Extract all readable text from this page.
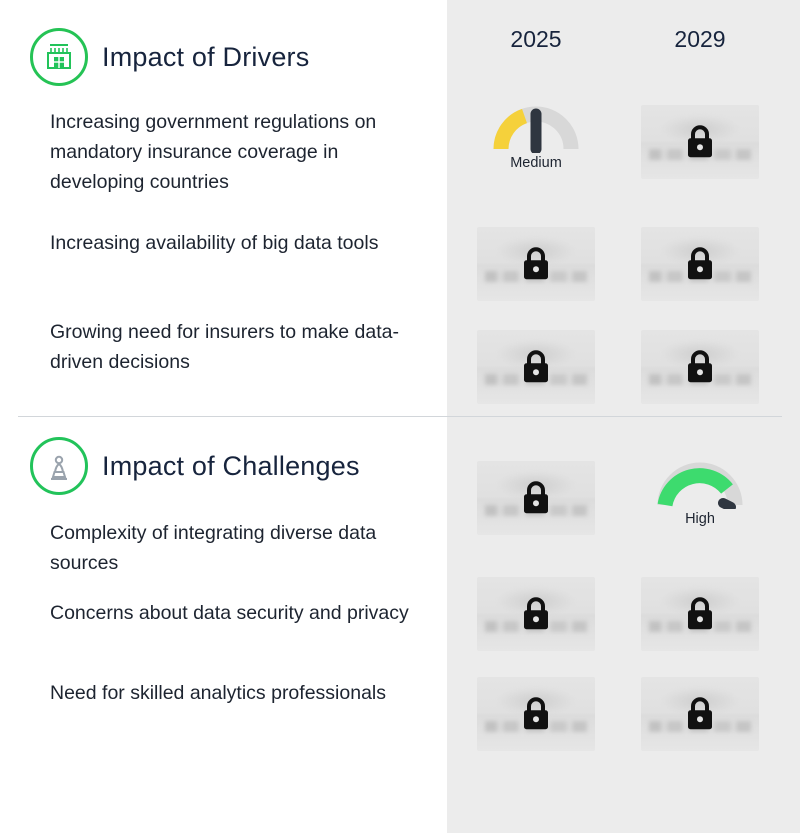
2025	2029
Impact of Drivers
Increasing government regulations on mandatory insurance coverage in developing countries
Increasing availability of big data tools
Growing need for insurers to make data-driven decisions
Medium
Impact of Challenges
Complexity of integrating diverse data sources
Concerns about data security and privacy
Need for skilled analytics professionals
High
